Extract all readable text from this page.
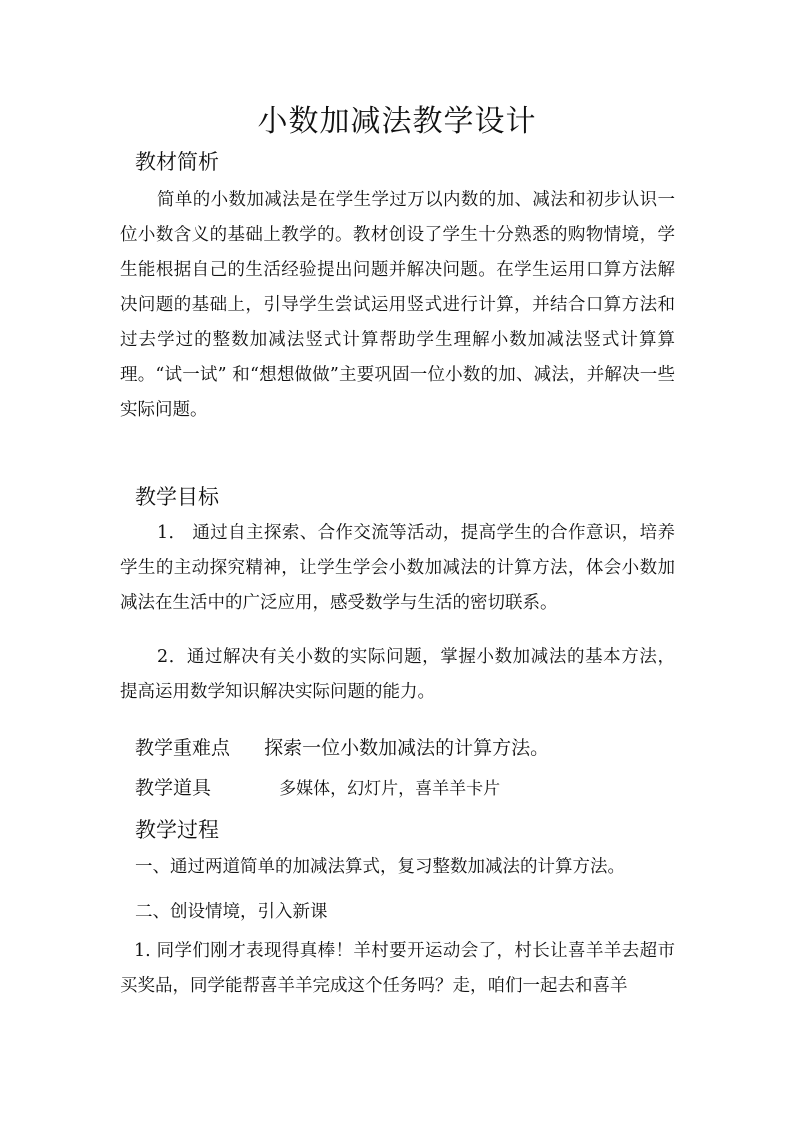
小数加减法教学设计
教材简析

简单的小数加减法是在学生学过万以内数的加、减法和初步认识一位小数含义的基础上教学的。教材创设了学生十分熟悉的购物情境，学生能根据自己的生活经验提出问题并解决问题。在学生运用口算方法解决问题的基础上，引导学生尝试运用竖式进行计算，并结合口算方法和过去学过的整数加减法竖式计算帮助学生理解小数加减法竖式计算算理。“试一试” 和“想想做做”主要巩固一位小数的加、减法，并解决一些实际问题。

教学目标

1． 通过自主探索、合作交流等活动，提高学生的合作意识，培养学生的主动探究精神，让学生学会小数加减法的计算方法，体会小数加减法在生活中的广泛应用，感受数学与生活的密切联系。

2．通过解决有关小数的实际问题，掌握小数加减法的基本方法，提高运用数学知识解决实际问题的能力。

教学重难点 探索一位小数加减法的计算方法。
教学道具	多媒体，幻灯片，喜羊羊卡片
教学过程
一、通过两道简单的加减法算式，复习整数加减法的计算方法。
二、创设情境，引入新课

1. 同学们刚才表现得真棒！羊村要开运动会了，村长让喜羊羊去超市买奖品，同学能帮喜羊羊完成这个任务吗？走，咱们一起去和喜羊
